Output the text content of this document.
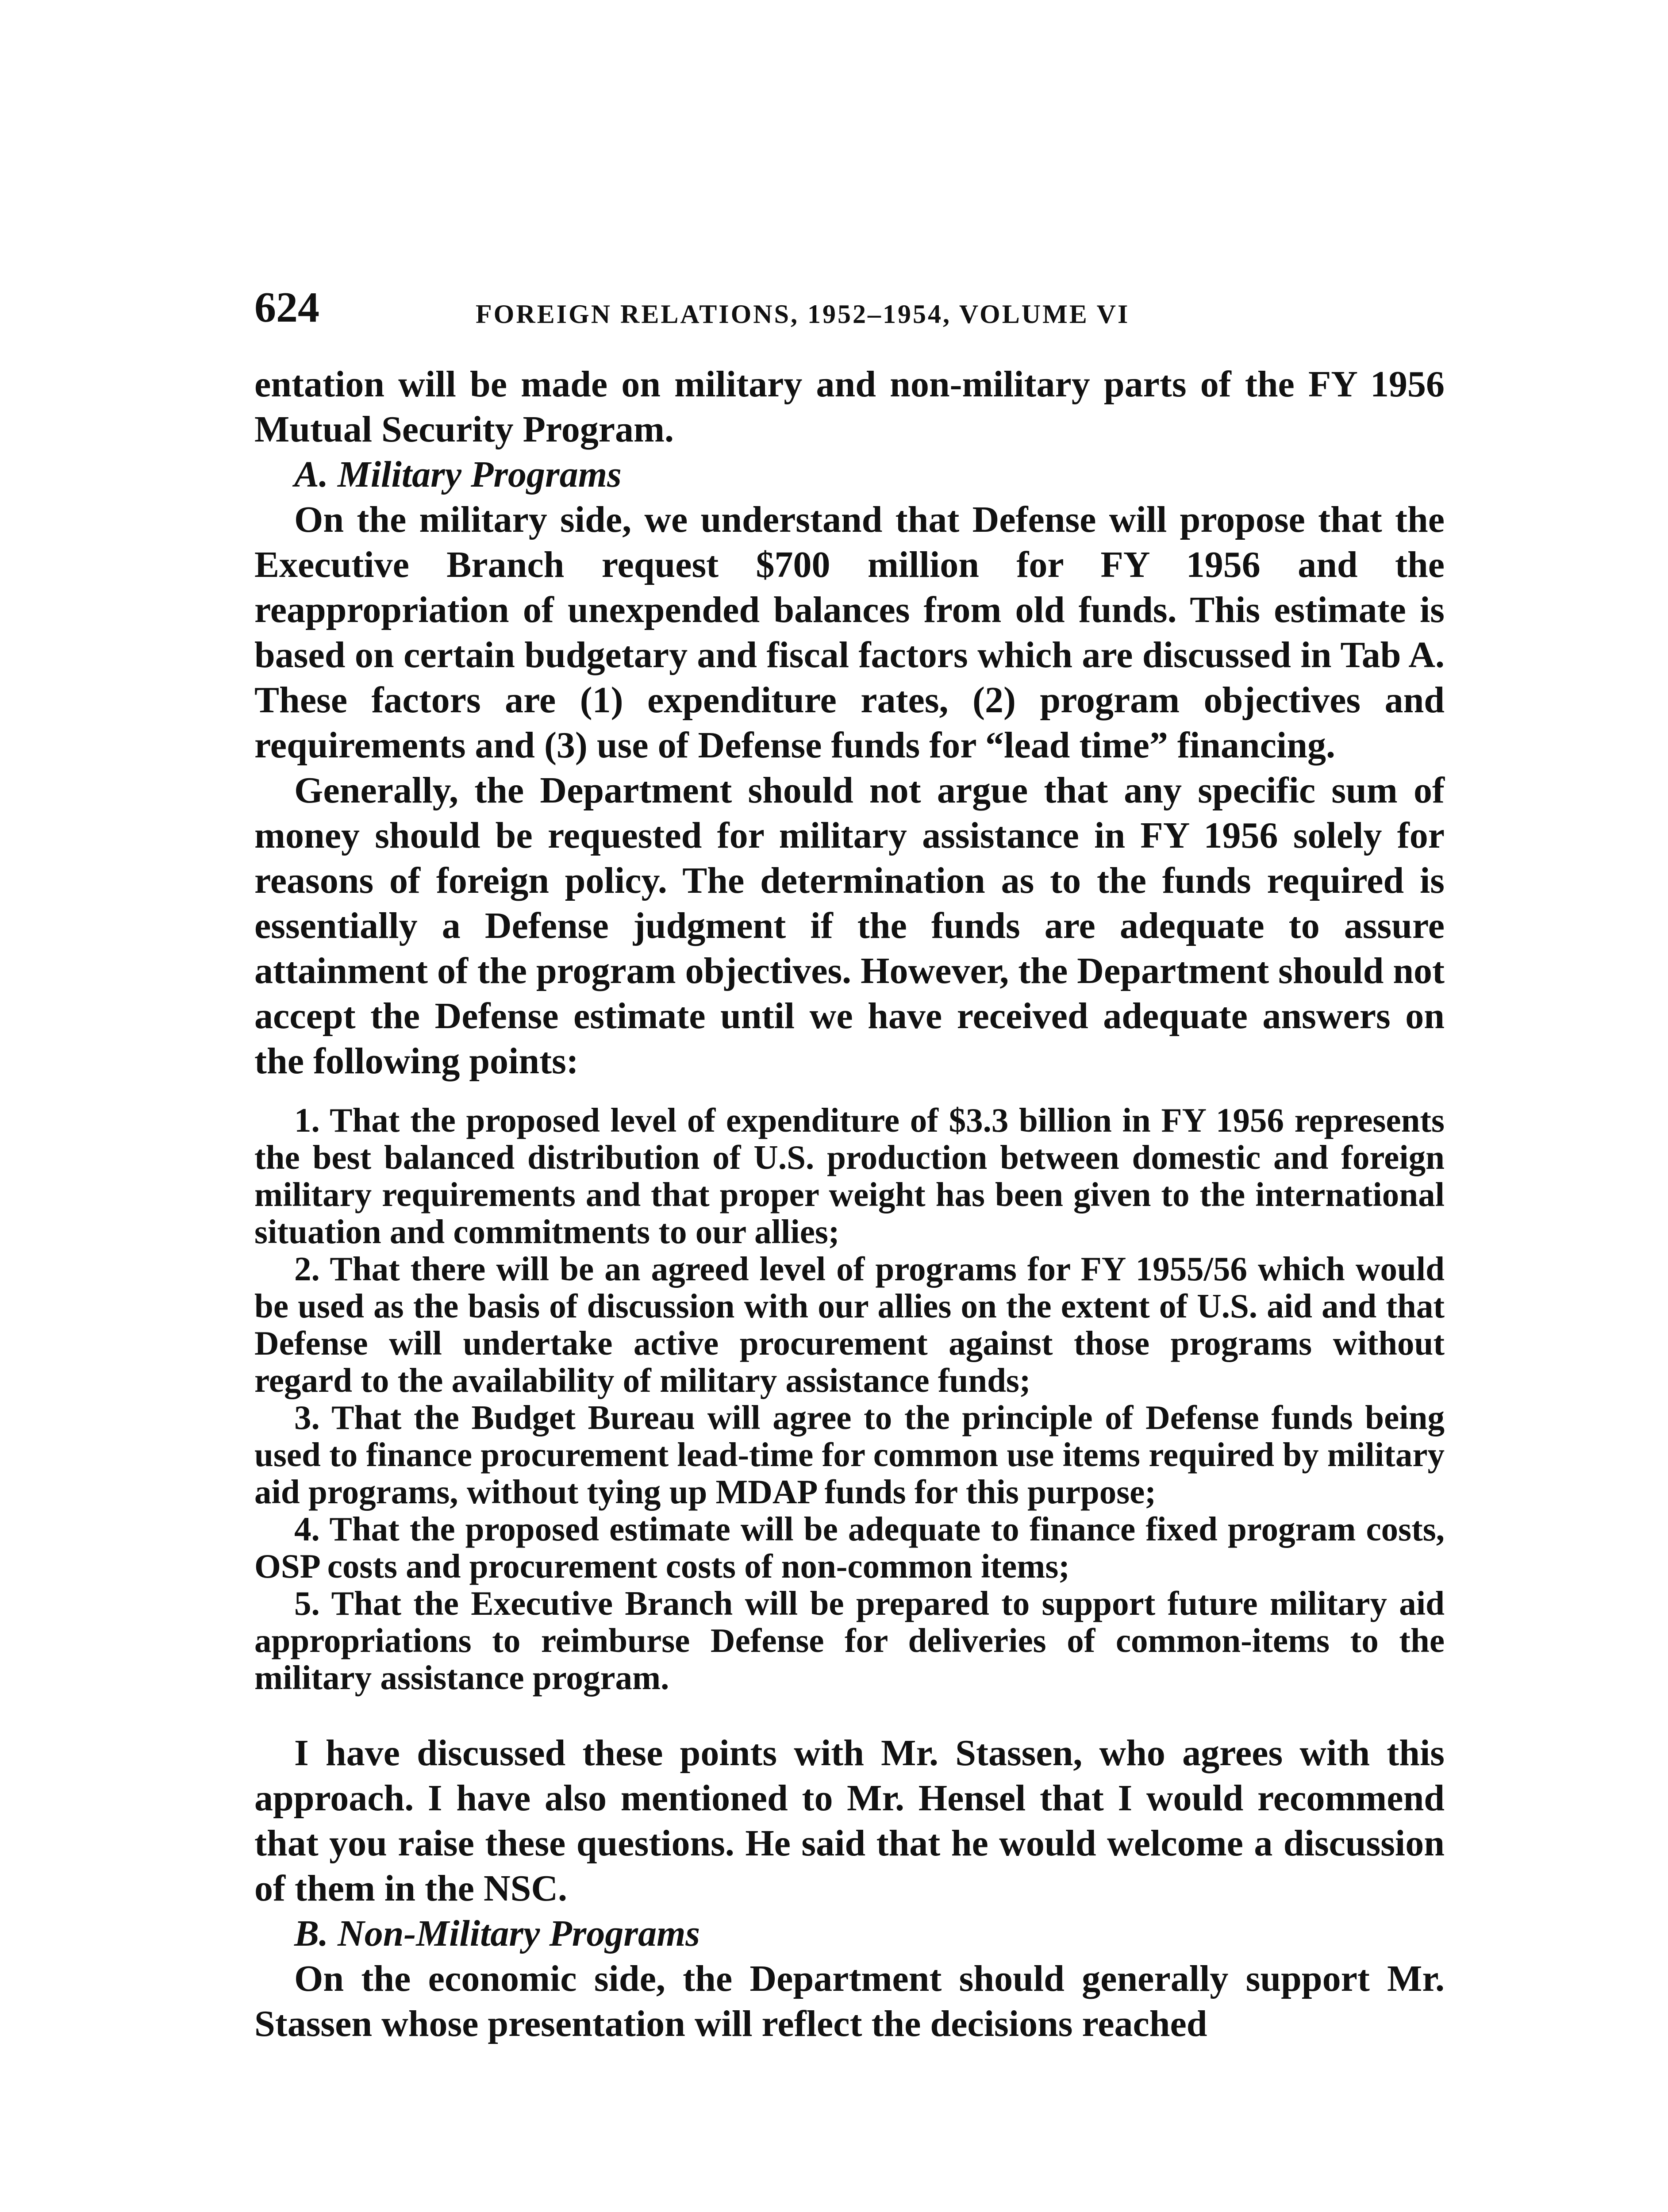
624	FOREIGN RELATIONS, 1952–1954, VOLUME VI

entation will be made on military and non-military parts of the FY 1956 Mutual Security Program.

A. Military Programs

On the military side, we understand that Defense will propose that the Executive Branch request $700 million for FY 1956 and the reappropriation of unexpended balances from old funds. This estimate is based on certain budgetary and fiscal factors which are discussed in Tab A. These factors are (1) expenditure rates, (2) program objectives and requirements and (3) use of Defense funds for “lead time” financing.

Generally, the Department should not argue that any specific sum of money should be requested for military assistance in FY 1956 solely for reasons of foreign policy. The determination as to the funds required is essentially a Defense judgment if the funds are adequate to assure attainment of the program objectives. However, the Department should not accept the Defense estimate until we have received adequate answers on the following points:

1. That the proposed level of expenditure of $3.3 billion in FY 1956 represents the best balanced distribution of U.S. production between domestic and foreign military requirements and that proper weight has been given to the international situation and commitments to our allies;

2. That there will be an agreed level of programs for FY 1955/56 which would be used as the basis of discussion with our allies on the extent of U.S. aid and that Defense will undertake active procurement against those programs without regard to the availability of military assistance funds;

3. That the Budget Bureau will agree to the principle of Defense funds being used to finance procurement lead-time for common use items required by military aid programs, without tying up MDAP funds for this purpose;

4. That the proposed estimate will be adequate to finance fixed program costs, OSP costs and procurement costs of non-common items;

5. That the Executive Branch will be prepared to support future military aid appropriations to reimburse Defense for deliveries of common-items to the military assistance program.

I have discussed these points with Mr. Stassen, who agrees with this approach. I have also mentioned to Mr. Hensel that I would recommend that you raise these questions. He said that he would welcome a discussion of them in the NSC.

B. Non-Military Programs

On the economic side, the Department should generally support Mr. Stassen whose presentation will reflect the decisions reached
